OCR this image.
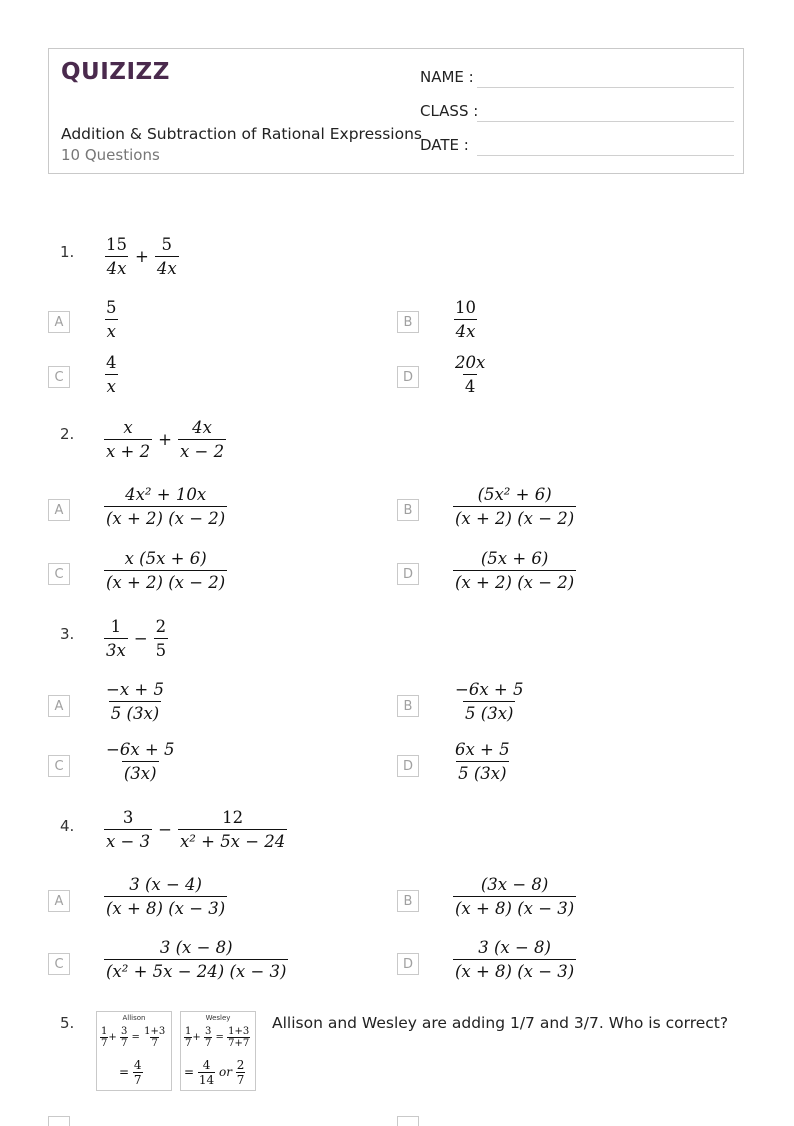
QUIZIZZ
Addition & Subtraction of Rational Expressions
10 Questions
NAME :
CLASS :
DATE :
1. $\frac{15}{4x} + \frac{5}{4x}$
A	$\frac{5}{x}$	B	$\frac{10}{4x}$
C	$\frac{4}{x}$	D	$\frac{20x}{4}$
2. $\frac{x}{x + 2} + \frac{4x}{x - 2}$
A	$\frac{\text{4x² + 10x}}{(x + 2) (x - 2)}$	B	$\frac{\text{(5x² + 6)}}{(x + 2) (x - 2)}$
C	$\frac{x (5x + 6)}{(x + 2) (x - 2)}$	D	$\frac{(5x + 6)}{(x + 2) (x - 2)}$
3. $\frac{1}{3x} - \frac{2}{5}$
A	$\frac{-x + 5}{5 (3x)}$	B	$\frac{-6x + 5}{5 (3x)}$
C	$\frac{-6x + 5}{(3x)}$	D	$\frac{6x + 5}{5 (3x)}$
4. $\frac{3}{x - 3} - \frac{12}{\text{x² + 5x − 24}}$
A	$\frac{3 (x - 4)}{(x + 8) (x - 3)}$	B	$\frac{(3x - 8)}{(x + 8) (x - 3)}$
C	$\frac{3 (x - 8)}{\text{(x² + 5x − 24) (x − 3)}}$	D	$\frac{3 (x - 8)}{(x + 8) (x - 3)}$
5.	Allison
$\frac{1}{7} + \frac{3}{7} = \frac{1+3}{7}$
= $\frac{4}{7}$
Wesley
$\frac{1}{7} + \frac{3}{7} = \frac{1+3}{7+7}$
= $\frac{4}{14}$ or $\frac{2}{7}$
Allison and Wesley are adding 1/7 and 3/7. Who is correct?
